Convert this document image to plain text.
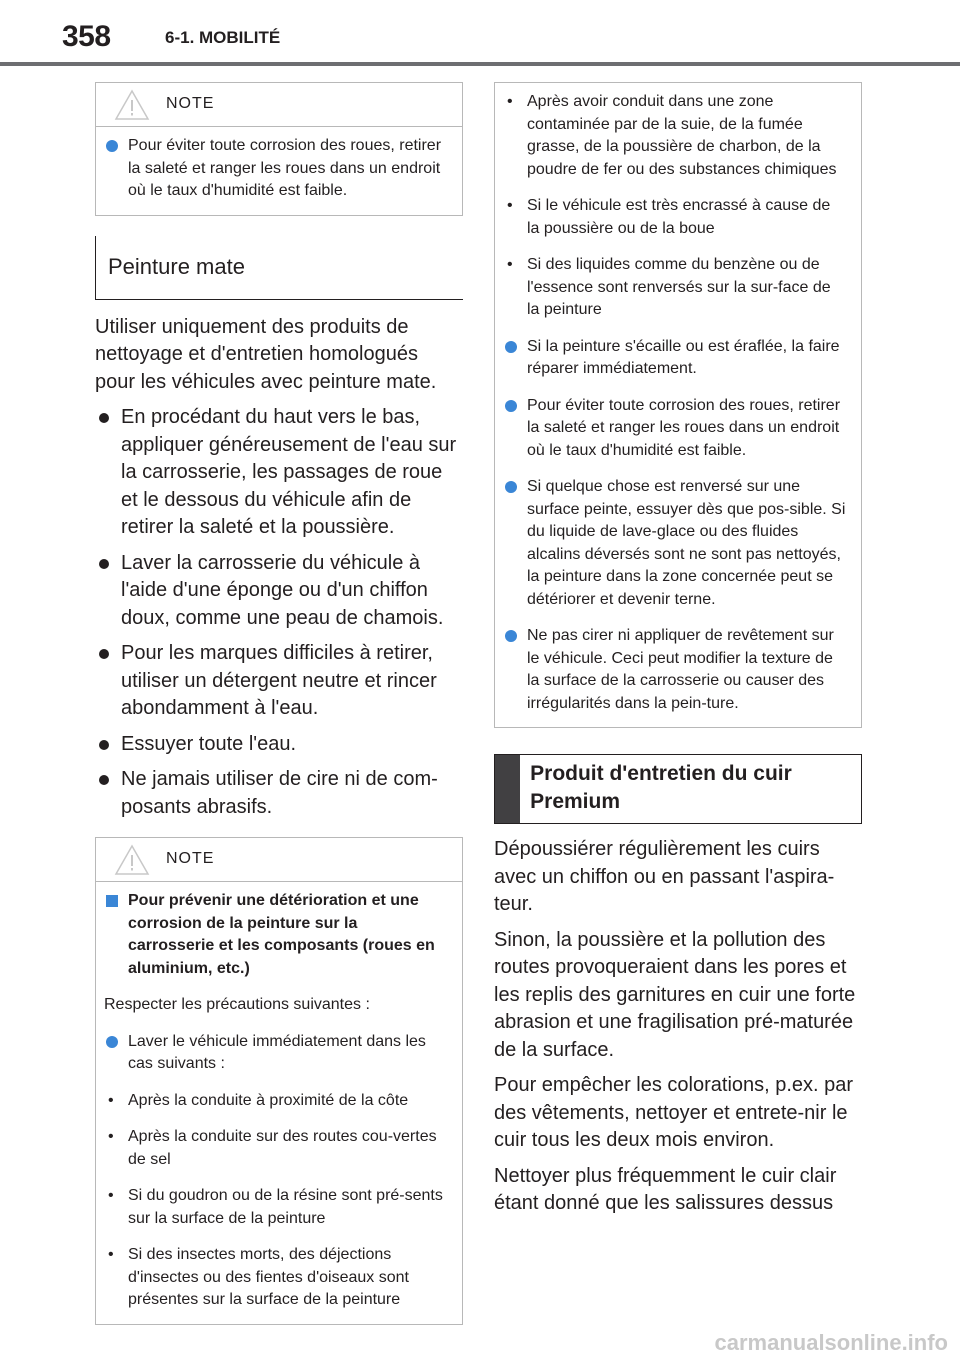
358	6-1. MOBILITÉ
NOTE
Pour éviter toute corrosion des roues, retirer la saleté et ranger les roues dans un endroit où le taux d'humidité est faible.
Peinture mate
Utiliser uniquement des produits de nettoyage et d'entretien homologués pour les véhicules avec peinture mate.
En procédant du haut vers le bas, appliquer généreusement de l'eau sur la carrosserie, les passages de roue et le dessous du véhicule afin de retirer la saleté et la poussière.
Laver la carrosserie du véhicule à l'aide d'une éponge ou d'un chiffon doux, comme une peau de chamois.
Pour les marques difficiles à retirer, utiliser un détergent neutre et rincer abondamment à l'eau.
Essuyer toute l'eau.
Ne jamais utiliser de cire ni de com-posants abrasifs.
NOTE
Pour prévenir une détérioration et une corrosion de la peinture sur la carrosserie et les composants (roues en aluminium, etc.)
Respecter les précautions suivantes :
Laver le véhicule immédiatement dans les cas suivants :
• Après la conduite à proximité de la côte
• Après la conduite sur des routes cou-vertes de sel
• Si du goudron ou de la résine sont pré-sents sur la surface de la peinture
• Si des insectes morts, des déjections d'insectes ou des fientes d'oiseaux sont présentes sur la surface de la peinture
• Après avoir conduit dans une zone contaminée par de la suie, de la fumée grasse, de la poussière de charbon, de la poudre de fer ou des substances chimiques
• Si le véhicule est très encrassé à cause de la poussière ou de la boue
• Si des liquides comme du benzène ou de l'essence sont renversés sur la sur-face de la peinture
Si la peinture s'écaille ou est éraflée, la faire réparer immédiatement.
Pour éviter toute corrosion des roues, retirer la saleté et ranger les roues dans un endroit où le taux d'humidité est faible.
Si quelque chose est renversé sur une surface peinte, essuyer dès que pos-sible. Si du liquide de lave-glace ou des fluides alcalins déversés sont ne sont pas nettoyés, la peinture dans la zone concernée peut se détériorer et devenir terne.
Ne pas cirer ni appliquer de revêtement sur le véhicule. Ceci peut modifier la texture de la surface de la carrosserie ou causer des irrégularités dans la pein-ture.
Produit d'entretien du cuir Premium
Dépoussiérer régulièrement les cuirs avec un chiffon ou en passant l'aspira-teur.
Sinon, la poussière et la pollution des routes provoqueraient dans les pores et les replis des garnitures en cuir une forte abrasion et une fragilisation pré-maturée de la surface.
Pour empêcher les colorations, p.ex. par des vêtements, nettoyer et entrete-nir le cuir tous les deux mois environ.
Nettoyer plus fréquemment le cuir clair étant donné que les salissures dessus
carmanualsonline.info
